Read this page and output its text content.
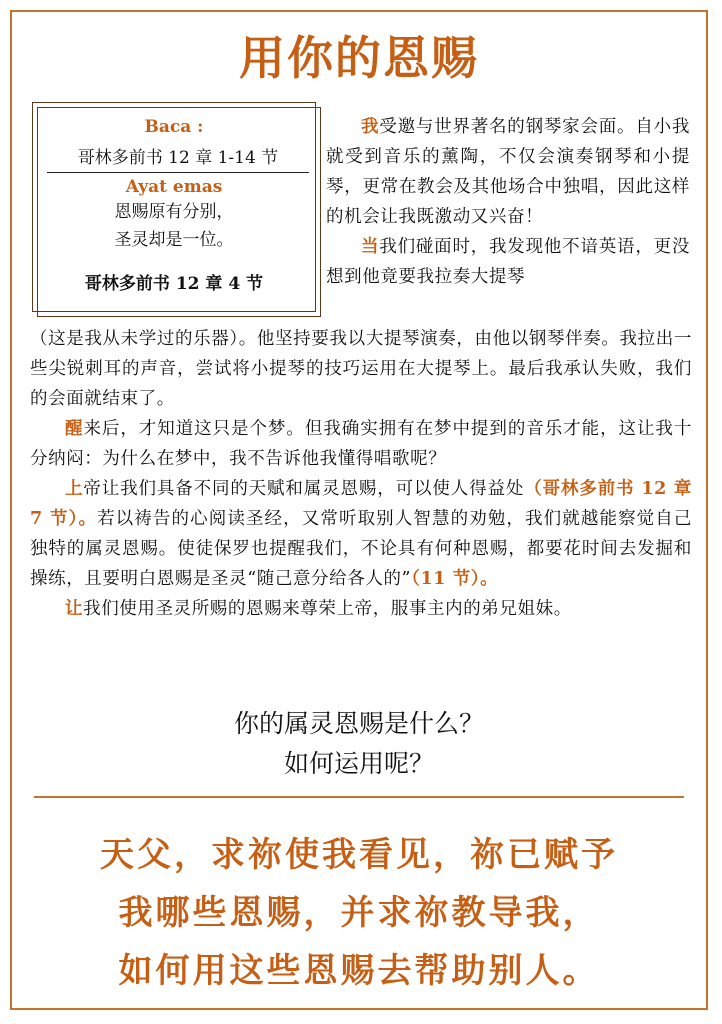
用你的恩赐
Baca :
哥林多前书 12 章 1-14 节
Ayat emas
恩赐原有分别，
圣灵却是一位。
哥林多前书 12 章 4 节

我受邀与世界著名的钢琴家会面。自小我就受到音乐的薰陶，不仅会演奏钢琴和小提琴，更常在教会及其他场合中独唱，因此这样的机会让我既激动又兴奋！

当我们碰面时，我发现他不谙英语，更没想到他竟要我拉奏大提琴

（这是我从未学过的乐器）。他坚持要我以大提琴演奏，由他以钢琴伴奏。我拉出一些尖锐刺耳的声音，尝试将小提琴的技巧运用在大提琴上。最后我承认失败，我们的会面就结束了。

醒来后，才知道这只是个梦。但我确实拥有在梦中提到的音乐才能，这让我十分纳闷：为什么在梦中，我不告诉他我懂得唱歌呢？

上帝让我们具备不同的天赋和属灵恩赐，可以使人得益处（哥林多前书 12 章 7 节）。若以祷告的心阅读圣经，又常听取别人智慧的劝勉，我们就越能察觉自己独特的属灵恩赐。使徒保罗也提醒我们，不论具有何种恩赐，都要花时间去发掘和操练，且要明白恩赐是圣灵“随己意分给各人的”（11 节）。

让我们使用圣灵所赐的恩赐来尊荣上帝，服事主内的弟兄姐妹。

你的属灵恩赐是什么？
如何运用呢？
天父，求祢使我看见，祢已赋予
我哪些恩赐，并求祢教导我，
如何用这些恩赐去帮助别人。
